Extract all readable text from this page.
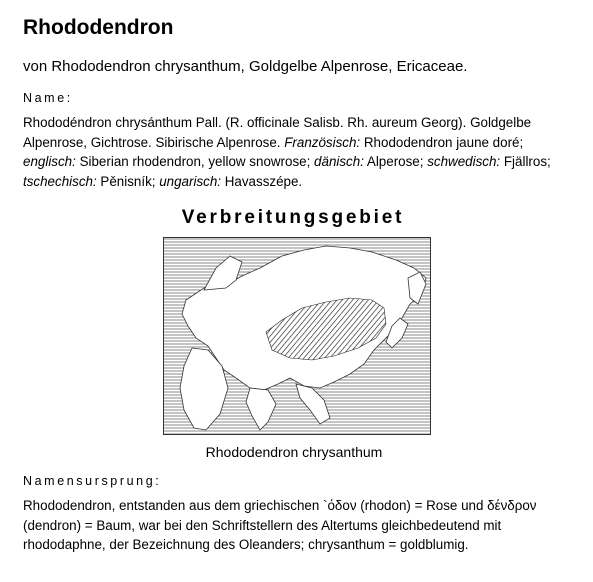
Rhododendron
von Rhododendron chrysanthum, Goldgelbe Alpenrose, Ericaceae.
Name:
Rhododéndron chrysánthum Pall. (R. officinale Salisb. Rh. aureum Georg). Goldgelbe Alpenrose, Gichtrose. Sibirische Alpenrose. Französisch: Rhododendron jaune doré; englisch: Siberian rhodendron, yellow snowrose; dänisch: Alperose; schwedisch: Fjällros; tschechisch: Pěnisník; ungarisch: Havasszépe.
Verbreitungsgebiet
Rhododendron chrysanthum
Namensursprung:
Rhododendron, entstanden aus dem griechischen `όδον (rhodon) = Rose und δένδρον (dendron) = Baum, war bei den Schriftstellern des Altertums gleichbedeutend mit rhododaphne, der Bezeichnung des Oleanders; chrysanthum = goldblumig.
